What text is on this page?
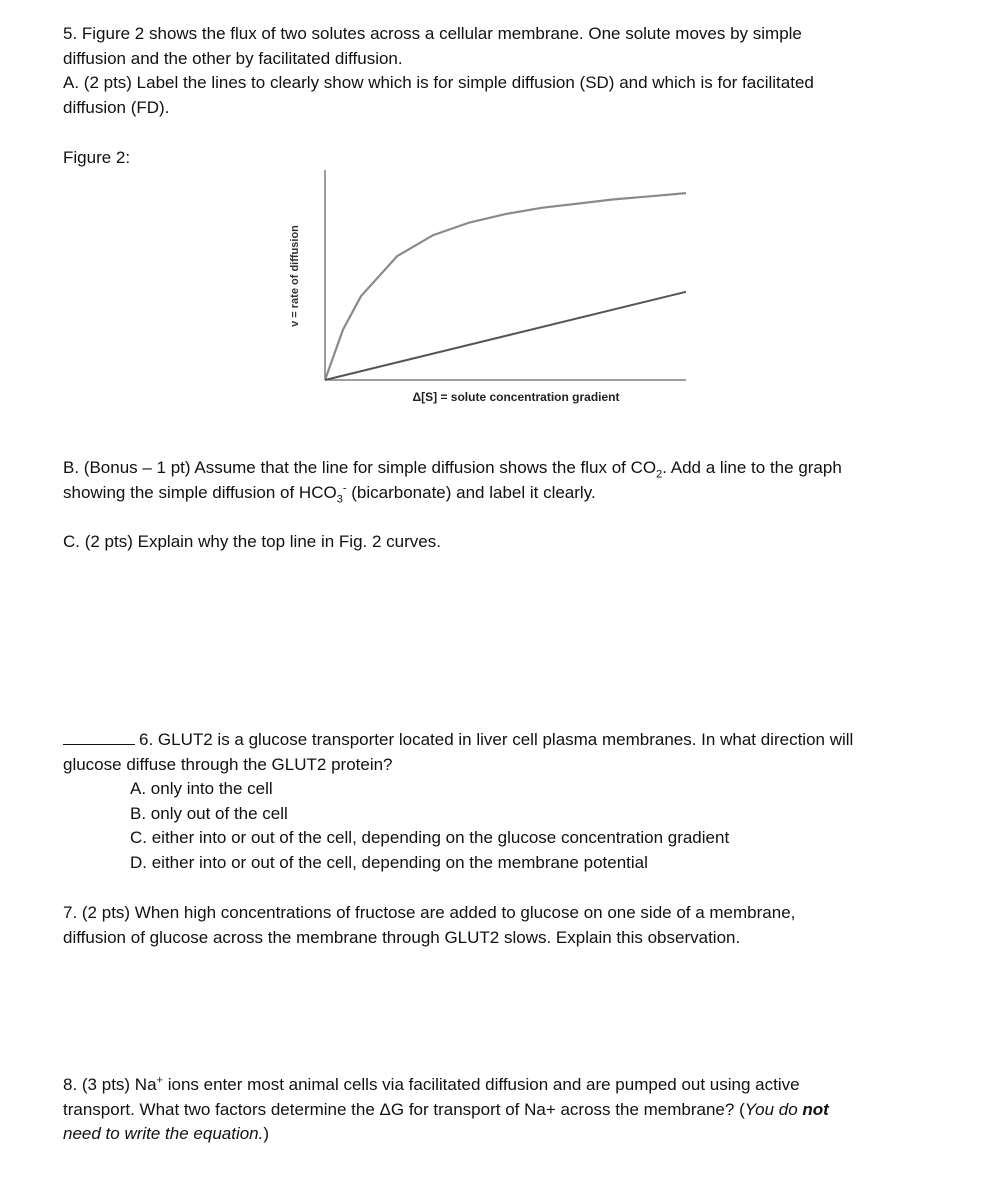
5. Figure 2 shows the flux of two solutes across a cellular membrane. One solute moves by simple

diffusion and the other by facilitated diffusion.

A. (2 pts) Label the lines to clearly show which is for simple diffusion (SD) and which is for facilitated

diffusion (FD).

Figure 2:
v = rate of diffusion
Δ[S] = solute concentration gradient

B. (Bonus – 1 pt) Assume that the line for simple diffusion shows the flux of $CO_2$. Add a line to the graph

showing the simple diffusion of $HCO_3^-$ (bicarbonate) and label it clearly.

C. (2 pts) Explain why the top line in Fig. 2 curves.

6. GLUT2 is a glucose transporter located in liver cell plasma membranes. In what direction will

glucose diffuse through the GLUT2 protein?

A. only into the cell

B. only out of the cell

C. either into or out of the cell, depending on the glucose concentration gradient

D. either into or out of the cell, depending on the membrane potential

7. (2 pts) When high concentrations of fructose are added to glucose on one side of a membrane,

diffusion of glucose across the membrane through GLUT2 slows. Explain this observation.

8. (3 pts) Na+ ions enter most animal cells via facilitated diffusion and are pumped out using active

transport. What two factors determine the ΔG for transport of Na+ across the membrane? (You do not

need to write the equation.)
